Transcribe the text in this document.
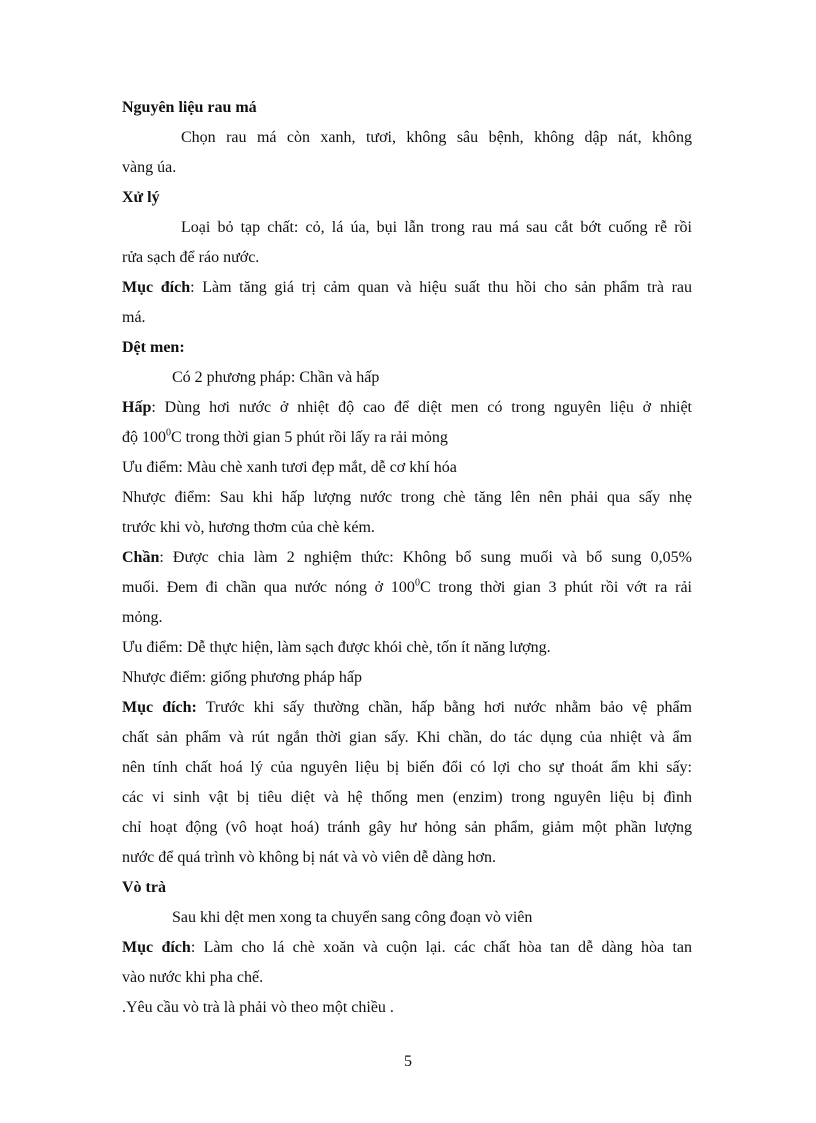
Nguyên liệu rau má
Chọn rau má còn xanh, tươi, không sâu bệnh, không dập nát, không
vàng úa.
Xử lý
Loại bỏ tạp chất: cỏ, lá úa, bụi lẫn trong rau má sau cắt bớt cuống rễ rồi
rửa sạch để ráo nước.
Mục đích: Làm tăng giá trị cảm quan và hiệu suất thu hồi cho sản phẩm trà rau
má.
Dệt men:
Có 2 phương pháp: Chần và hấp
Hấp: Dùng hơi nước ở nhiệt độ cao để diệt men có trong nguyên liệu ở nhiệt
độ $100^0C$ trong thời gian 5 phút rồi lấy ra rải mỏng
Ưu điểm: Màu chè xanh tươi đẹp mắt, dễ cơ khí hóa
Nhược điểm: Sau khi hấp lượng nước trong chè tăng lên nên phải qua sấy nhẹ
trước khi vò, hương thơm của chè kém.
Chần: Được chia làm 2 nghiệm thức: Không bổ sung muối và bổ sung 0,05%
muối. Đem đi chần qua nước nóng ở $100^0C$ trong thời gian 3 phút rồi vớt ra rải
mỏng.
Ưu điểm: Dễ thực hiện, làm sạch được khói chè, tốn ít năng lượng.
Nhược điểm: giống phương pháp hấp
Mục đích: Trước khi sấy thường chần, hấp bằng hơi nước nhằm bảo vệ phẩm
chất sản phẩm và rút ngắn thời gian sấy. Khi chần, do tác dụng của nhiệt và ẩm
nên tính chất hoá lý của nguyên liệu bị biến đổi có lợi cho sự thoát ẩm khi sấy:
các vi sinh vật bị tiêu diệt và hệ thống men (enzim) trong nguyên liệu bị đình
chỉ hoạt động (vô hoạt hoá) tránh gây hư hỏng sản phẩm, giảm một phần lượng
nước để quá trình vò không bị nát và vò viên dễ dàng hơn.
Vò trà
Sau khi dệt men xong ta chuyển sang công đoạn vò viên
Mục đích: Làm cho lá chè xoăn và cuộn lại. các chất hòa tan dễ dàng hòa tan
vào nước khi pha chế.
.Yêu cầu vò trà là phải vò theo một chiều .
5
